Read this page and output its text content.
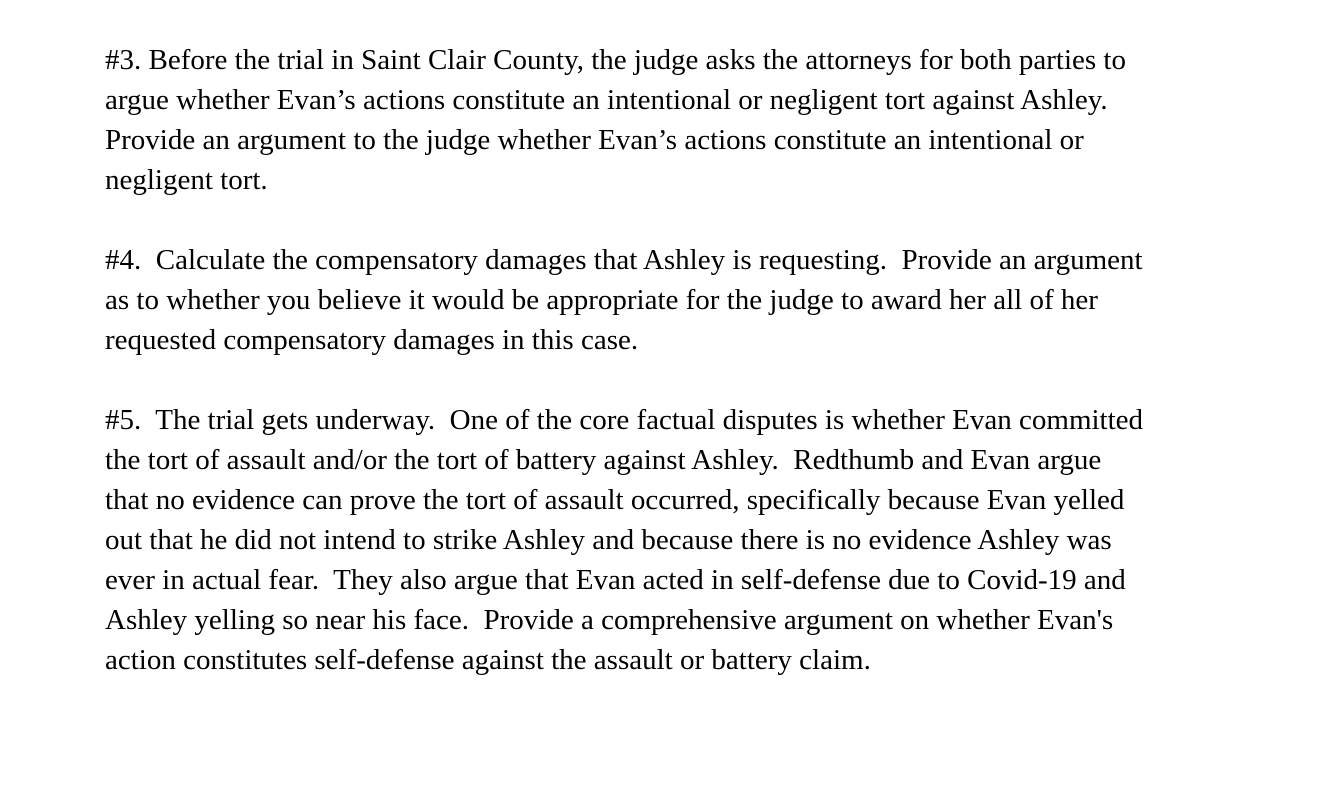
#3. Before the trial in Saint Clair County, the judge asks the attorneys for both parties to
argue whether Evan’s actions constitute an intentional or negligent tort against Ashley.
Provide an argument to the judge whether Evan’s actions constitute an intentional or
negligent tort.
#4.  Calculate the compensatory damages that Ashley is requesting.  Provide an argument
as to whether you believe it would be appropriate for the judge to award her all of her
requested compensatory damages in this case.
#5.  The trial gets underway.  One of the core factual disputes is whether Evan committed
the tort of assault and/or the tort of battery against Ashley.  Redthumb and Evan argue
that no evidence can prove the tort of assault occurred, specifically because Evan yelled
out that he did not intend to strike Ashley and because there is no evidence Ashley was
ever in actual fear.  They also argue that Evan acted in self-defense due to Covid-19 and
Ashley yelling so near his face.  Provide a comprehensive argument on whether Evan's
action constitutes self-defense against the assault or battery claim.
